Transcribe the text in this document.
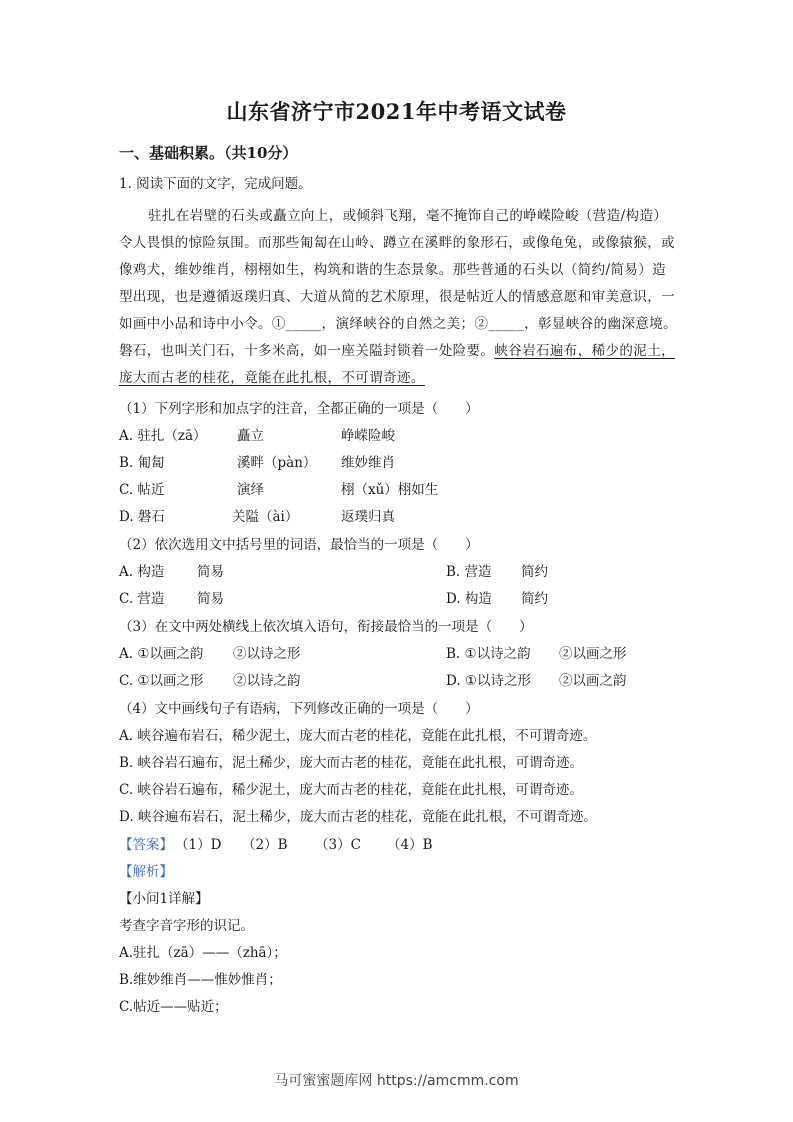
山东省济宁市2021年中考语文试卷
一、基础积累。（共10分）
1. 阅读下面的文字，完成问题。
驻扎在岩壁的石头或矗立向上，或倾斜飞翔，毫不掩饰自己的峥嵘险峻（营造/构造）
令人畏惧的惊险氛围。而那些匍匐在山岭、蹲立在溪畔的象形石，或像龟兔，或像猿猴，或
像鸡犬，维妙维肖，栩栩如生，构筑和谐的生态景象。那些普通的石头以（简约/简易）造
型出现，也是遵循返璞归真、大道从简的艺术原理，很是帖近人的情感意愿和审美意识，一
如画中小品和诗中小令。①_____，演绎峡谷的自然之美；②_____，彰显峡谷的幽深意境。
磐石，也叫关门石，十多米高，如一座关隘封锁着一处险要。峡谷岩石遍布，稀少的泥土，
庞大而古老的桂花，竟能在此扎根，不可谓奇迹。
（1）下列字形和加点字的注音，全都正确的一项是（　　）
A. 驻扎（zā） 矗立	峥嵘险峻
B. 匍匐	溪畔（pàn） 维妙维肖
C. 帖近	演绎	栩（xǔ）栩如生
D. 磐石	关隘（ài）	返璞归真
（2）依次选用文中括号里的词语，最恰当的一项是（　　）
A. 构造 简易	B. 营造 简约
C. 营造 简易	D. 构造 简约
（3）在文中两处横线上依次填入语句，衔接最恰当的一项是（　　）
A. ①以画之韵 ②以诗之形	B. ①以诗之韵 ②以画之形
C. ①以画之形 ②以诗之韵	D. ①以诗之形 ②以画之韵
（4）文中画线句子有语病，下列修改正确的一项是（　　）
A. 峡谷遍布岩石，稀少泥土，庞大而古老的桂花，竟能在此扎根，不可谓奇迹。
B. 峡谷岩石遍布，泥土稀少，庞大而古老的桂花，竟能在此扎根，可谓奇迹。
C. 峡谷岩石遍布，稀少泥土，庞大而古老的桂花，竟能在此扎根，可谓奇迹。
D. 峡谷遍布岩石，泥土稀少，庞大而古老的桂花，竟能在此扎根，不可谓奇迹。
【答案】 （1）D （2）B （3）C （4）B
【解析】
【小问1详解】
考查字音字形的识记。
A.驻扎（zā）——（zhā）；
B.维妙维肖——惟妙惟肖；
C.帖近——贴近；
马可蜜蜜题库网 https://amcmm.com
